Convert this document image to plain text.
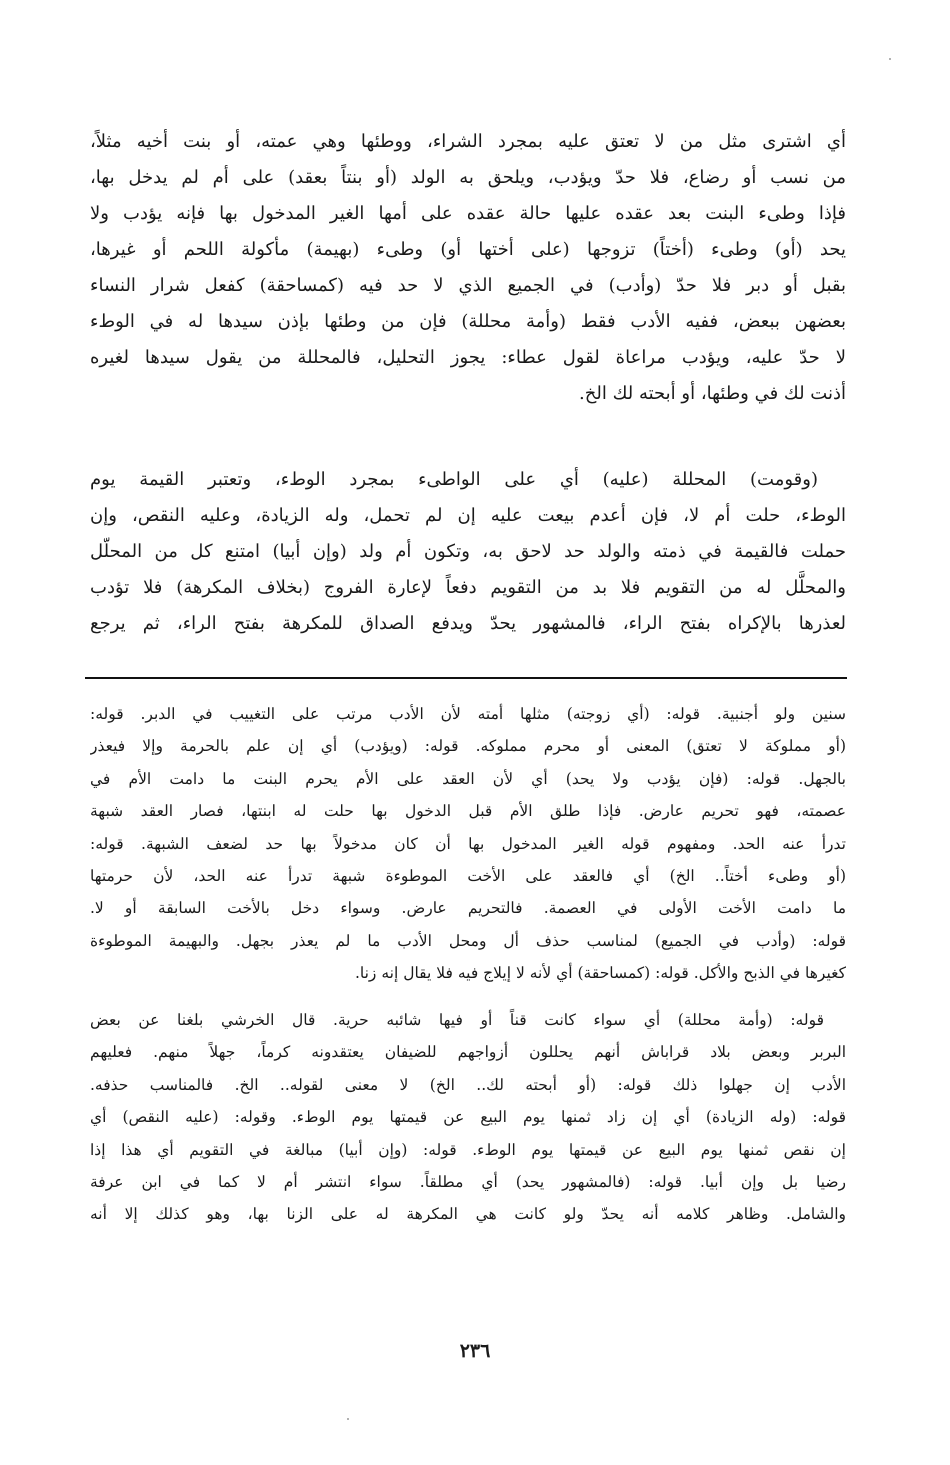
أي اشترى مثل من لا تعتق عليه بمجرد الشراء، ووطئها وهي عمته، أو بنت أخيه مثلاً،
من نسب أو رضاع، فلا حدّ ويؤدب، ويلحق به الولد (أو بنتاً بعقد) على أم لم يدخل بها،
فإذا وطىء البنت بعد عقده عليها حالة عقده على أمها الغير المدخول بها فإنه يؤدب ولا
يحد (أو) وطىء (أختاً) تزوجها (على أختها أو) وطىء (بهيمة) مأكولة اللحم أو غيرها،
بقبل أو دبر فلا حدّ (وأدب) في الجميع الذي لا حد فيه (كمساحقة) كفعل شرار النساء
بعضهن ببعض، ففيه الأدب فقط (وأمة محللة) فإن من وطئها بإذن سيدها له في الوطء
لا حدّ عليه، ويؤدب مراعاة لقول عطاء: يجوز التحليل، فالمحللة من يقول سيدها لغيره
أذنت لك في وطئها، أو أبحته لك الخ.
(وقومت) المحللة (عليه) أي على الواطىء بمجرد الوطء، وتعتبر القيمة يوم
الوطء، حلت أم لا، فإن أعدم بيعت عليه إن لم تحمل، وله الزيادة، وعليه النقص، وإن
حملت فالقيمة في ذمته والولد حد لاحق به، وتكون أم ولد (وإن أبيا) امتنع كل من المحلّل
والمحلَّل له من التقويم فلا بد من التقويم دفعاً لإعارة الفروج (بخلاف المكرهة) فلا تؤدب
لعذرها بالإكراه بفتح الراء، فالمشهور يحدّ ويدفع الصداق للمكرهة بفتح الراء، ثم يرجع
سنين ولو أجنبية. قوله: (أي زوجته) مثلها أمته لأن الأدب مرتب على التغييب في الدبر. قوله:
(أو مملوكة لا تعتق) المعنى أو محرم مملوكه. قوله: (ويؤدب) أي إن علم بالحرمة وإلا فيعذر
بالجهل. قوله: (فإن يؤدب ولا يحد) أي لأن العقد على الأم يحرم البنت ما دامت الأم في
عصمته، فهو تحريم عارض. فإذا طلق الأم قبل الدخول بها حلت له ابنتها، فصار العقد شبهة
تدرأ عنه الحد. ومفهوم قوله الغير المدخول بها أن كان مدخولاً بها حد لضعف الشبهة. قوله:
(أو وطىء أختاً.. الخ) أي فالعقد على الأخت الموطوءة شبهة تدرأ عنه الحد، لأن حرمتها
ما دامت الأخت الأولى في العصمة. فالتحريم عارض. وسواء دخل بالأخت السابقة أو لا.
قوله: (وأدب في الجميع) لمناسب حذف أل ومحل الأدب ما لم يعذر بجهل. والبهيمة الموطوءة
كغيرها في الذبح والأكل. قوله: (كمساحقة) أي لأنه لا إيلاج فيه فلا يقال إنه زنا.
قوله: (وأمة محللة) أي سواء كانت قناً أو فيها شائبه حرية. قال الخرشي بلغنا عن بعض
البربر وبعض بلاد قراباش أنهم يحللون أزواجهم للضيفان يعتقدونه كرماً، جهلاً منهم. فعليهم
الأدب إن جهلوا ذلك قوله: (أو أبحته لك.. الخ) لا معنى لقوله.. الخ. فالمناسب حذفه.
قوله: (وله الزيادة) أي إن زاد ثمنها يوم البيع عن قيمتها يوم الوطء. وقوله: (عليه النقص) أي
إن نقص ثمنها يوم البيع عن قيمتها يوم الوطء. قوله: (وإن أبيا) مبالغة في التقويم أي هذا إذا
رضيا بل وإن أبيا. قوله: (فالمشهور يحد) أي مطلقاً. سواء انتشر أم لا كما في ابن عرفة
والشامل. وظاهر كلامه أنه يحدّ ولو كانت هي المكرهة له على الزنا بها، وهو كذلك إلا أنه
٢٣٦
